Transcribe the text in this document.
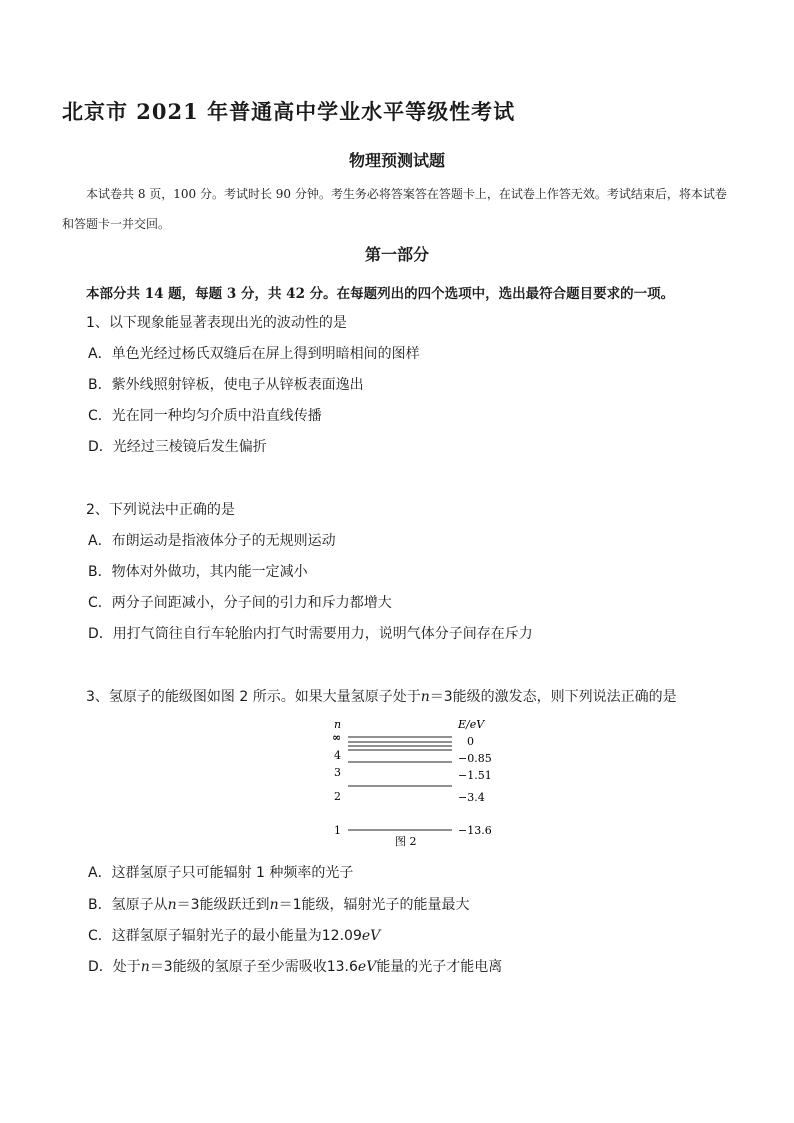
北京市 2021 年普通高中学业水平等级性考试
物理预测试题
本试卷共 8 页，100 分。考试时长 90 分钟。考生务必将答案答在答题卡上，在试卷上作答无效。考试结束后，将本试卷和答题卡一并交回。
第一部分
本部分共 14 题，每题 3 分，共 42 分。在每题列出的四个选项中，选出最符合题目要求的一项。
1、以下现象能显著表现出光的波动性的是
A．单色光经过杨氏双缝后在屏上得到明暗相间的图样
B．紫外线照射锌板，使电子从锌板表面逸出
C．光在同一种均匀介质中沿直线传播
D．光经过三棱镜后发生偏折
2、下列说法中正确的是
A．布朗运动是指液体分子的无规则运动
B．物体对外做功，其内能一定减小
C．两分子间距减小，分子间的引力和斥力都增大
D．用打气筒往自行车轮胎内打气时需要用力，说明气体分子间存在斥力
3、氢原子的能级图如图 2 所示。如果大量氢原子处于n＝3能级的激发态，则下列说法正确的是
n	E/eV
∞
4
3
2
1
0
−0.85
−1.51
−3.4
−13.6
图 2
A．这群氢原子只可能辐射 1 种频率的光子
B．氢原子从n＝3能级跃迁到n＝1能级，辐射光子的能量最大
C．这群氢原子辐射光子的最小能量为12.09eV
D．处于n＝3能级的氢原子至少需吸收13.6eV能量的光子才能电离
